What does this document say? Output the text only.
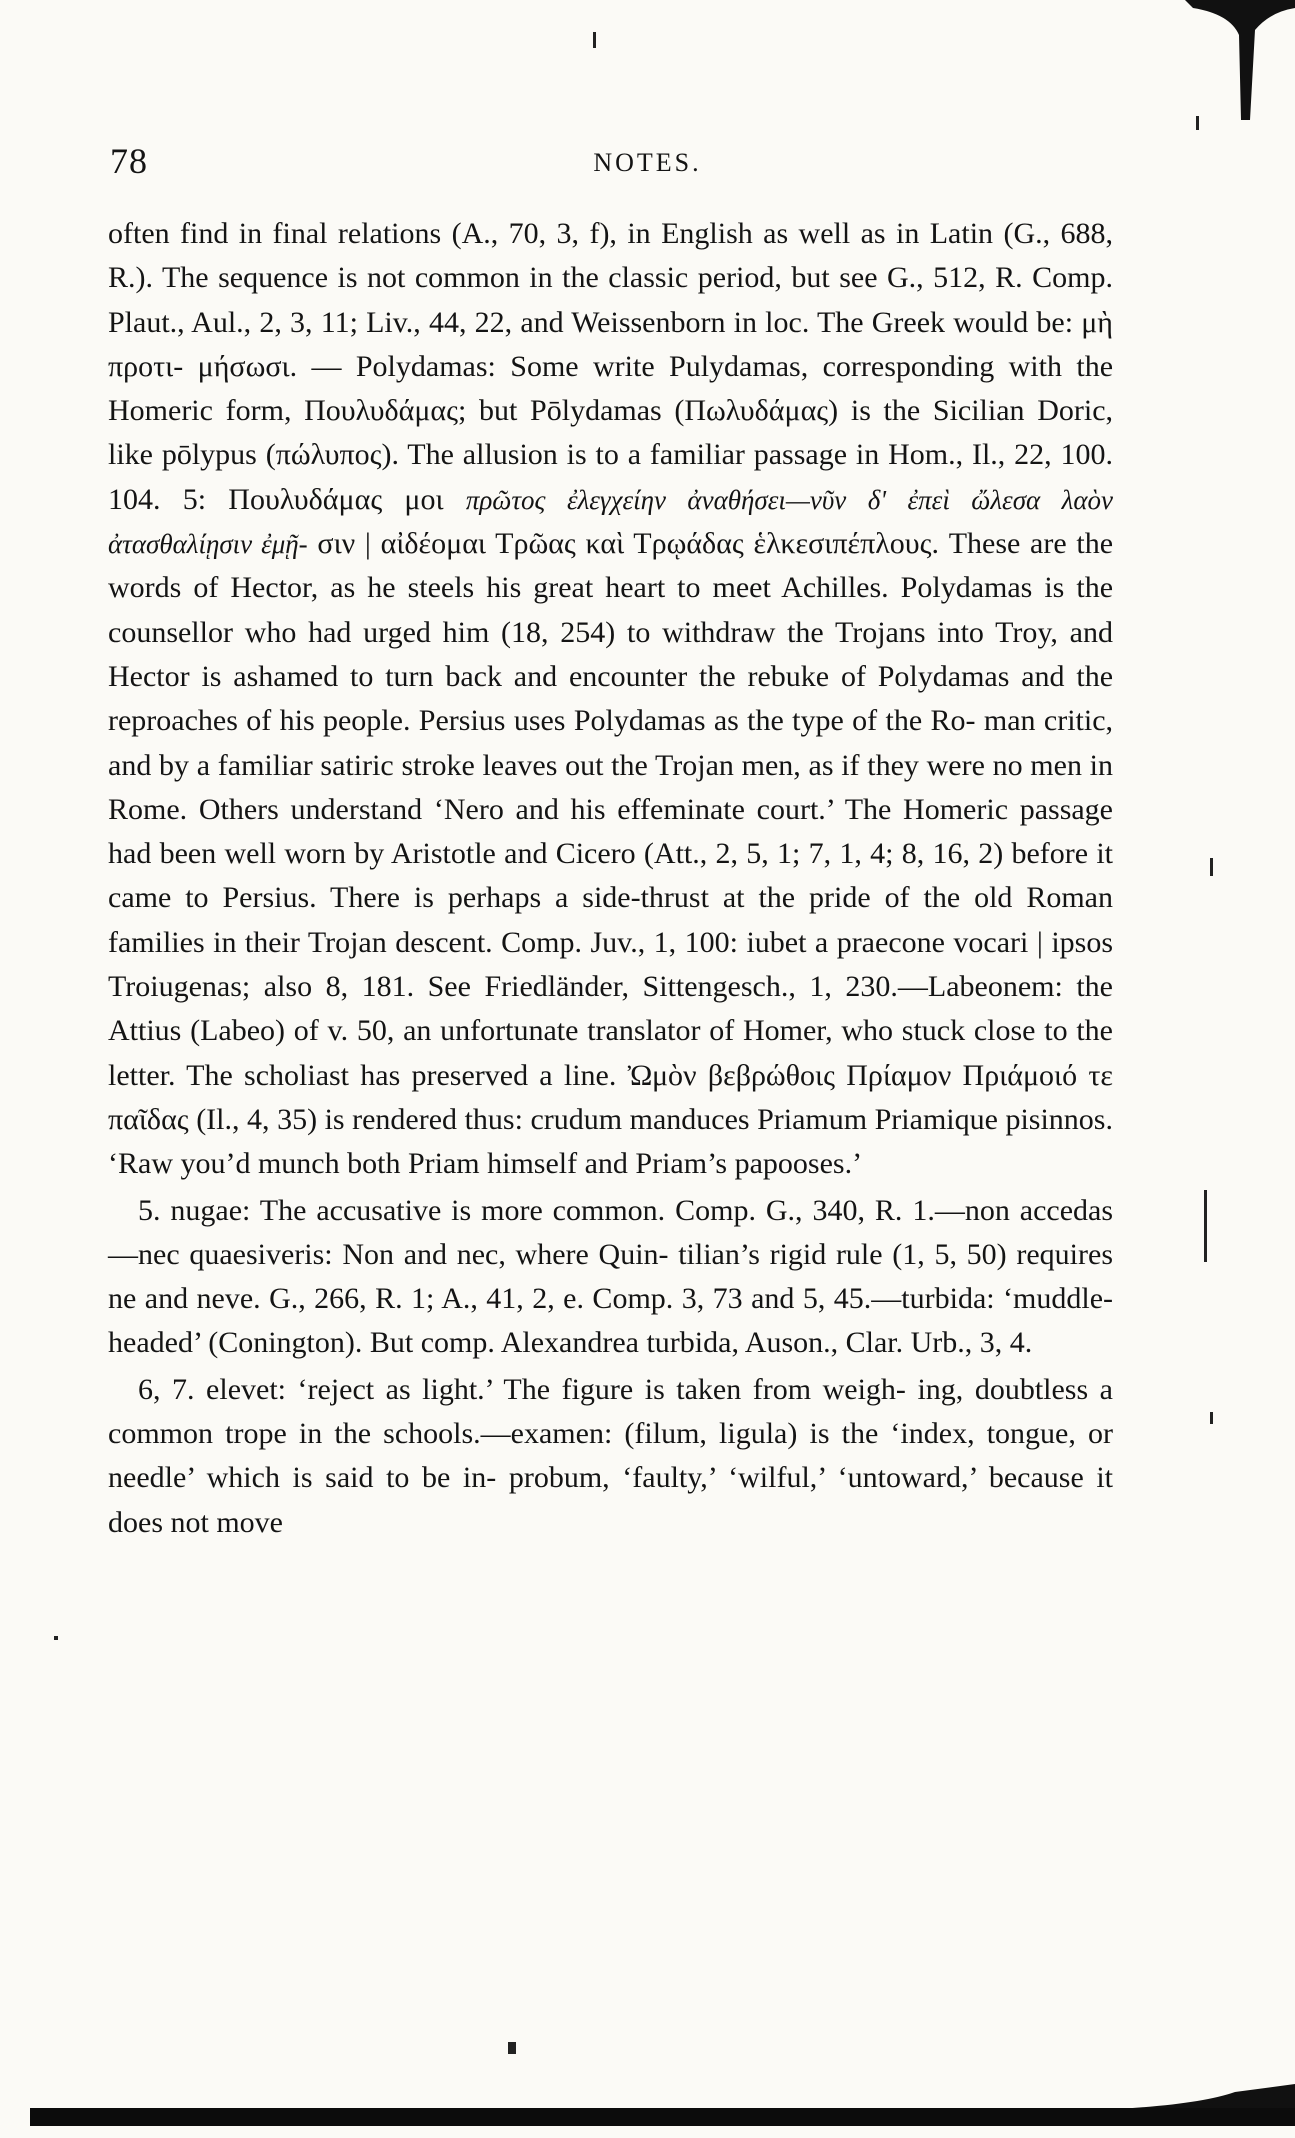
78	NOTES.

often find in final relations (A., 70, 3, f), in English as well as in Latin (G., 688, R.). The sequence is not common in the classic period, but see G., 512, R. Comp. Plaut., Aul., 2, 3, 11; Liv., 44, 22, and Weissenborn in loc. The Greek would be: μὴ προτι- μήσωσι. — Polydamas: Some write Pulydamas, corresponding with the Homeric form, Πουλυδάμας; but Pōlydamas (Πωλυδάμας) is the Sicilian Doric, like pōlypus (πώλυπος). The allusion is to a familiar passage in Hom., Il., 22, 100. 104. 5: Πουλυδάμας μοι πρῶτος ἐλεγχείην ἀναθήσει—νῦν δ' ἐπεὶ ὤλεσα λαὸν ἀτασθαλίῃσιν ἐμῇ- σιν | αἰδέομαι Τρῶας καὶ Τρῳάδας ἑλκεσιπέπλους. These are the words of Hector, as he steels his great heart to meet Achilles. Polydamas is the counsellor who had urged him (18, 254) to withdraw the Trojans into Troy, and Hector is ashamed to turn back and encounter the rebuke of Polydamas and the reproaches of his people. Persius uses Polydamas as the type of the Ro- man critic, and by a familiar satiric stroke leaves out the Trojan men, as if they were no men in Rome. Others understand ‘Nero and his effeminate court.’ The Homeric passage had been well worn by Aristotle and Cicero (Att., 2, 5, 1; 7, 1, 4; 8, 16, 2) before it came to Persius. There is perhaps a side-thrust at the pride of the old Roman families in their Trojan descent. Comp. Juv., 1, 100: iubet a praecone vocari | ipsos Troiugenas; also 8, 181. See Friedländer, Sittengesch., 1, 230.—Labeonem: the Attius (Labeo) of v. 50, an unfortunate translator of Homer, who stuck close to the letter. The scholiast has preserved a line. Ὠμὸν βεβρώθοις Πρίαμον Πριάμοιό τε παῖδας (Il., 4, 35) is rendered thus: crudum manduces Priamum Priamique pisinnos. ‘Raw you’d munch both Priam himself and Priam’s papooses.’

5. nugae: The accusative is more common. Comp. G., 340, R. 1.—non accedas—nec quaesiveris: Non and nec, where Quin- tilian’s rigid rule (1, 5, 50) requires ne and neve. G., 266, R. 1; A., 41, 2, e. Comp. 3, 73 and 5, 45.—turbida: ‘muddle-headed’ (Conington). But comp. Alexandrea turbida, Auson., Clar. Urb., 3, 4.

6, 7. elevet: ‘reject as light.’ The figure is taken from weigh- ing, doubtless a common trope in the schools.—examen: (filum, ligula) is the ‘index, tongue, or needle’ which is said to be in- probum, ‘faulty,’ ‘wilful,’ ‘untoward,’ because it does not move
